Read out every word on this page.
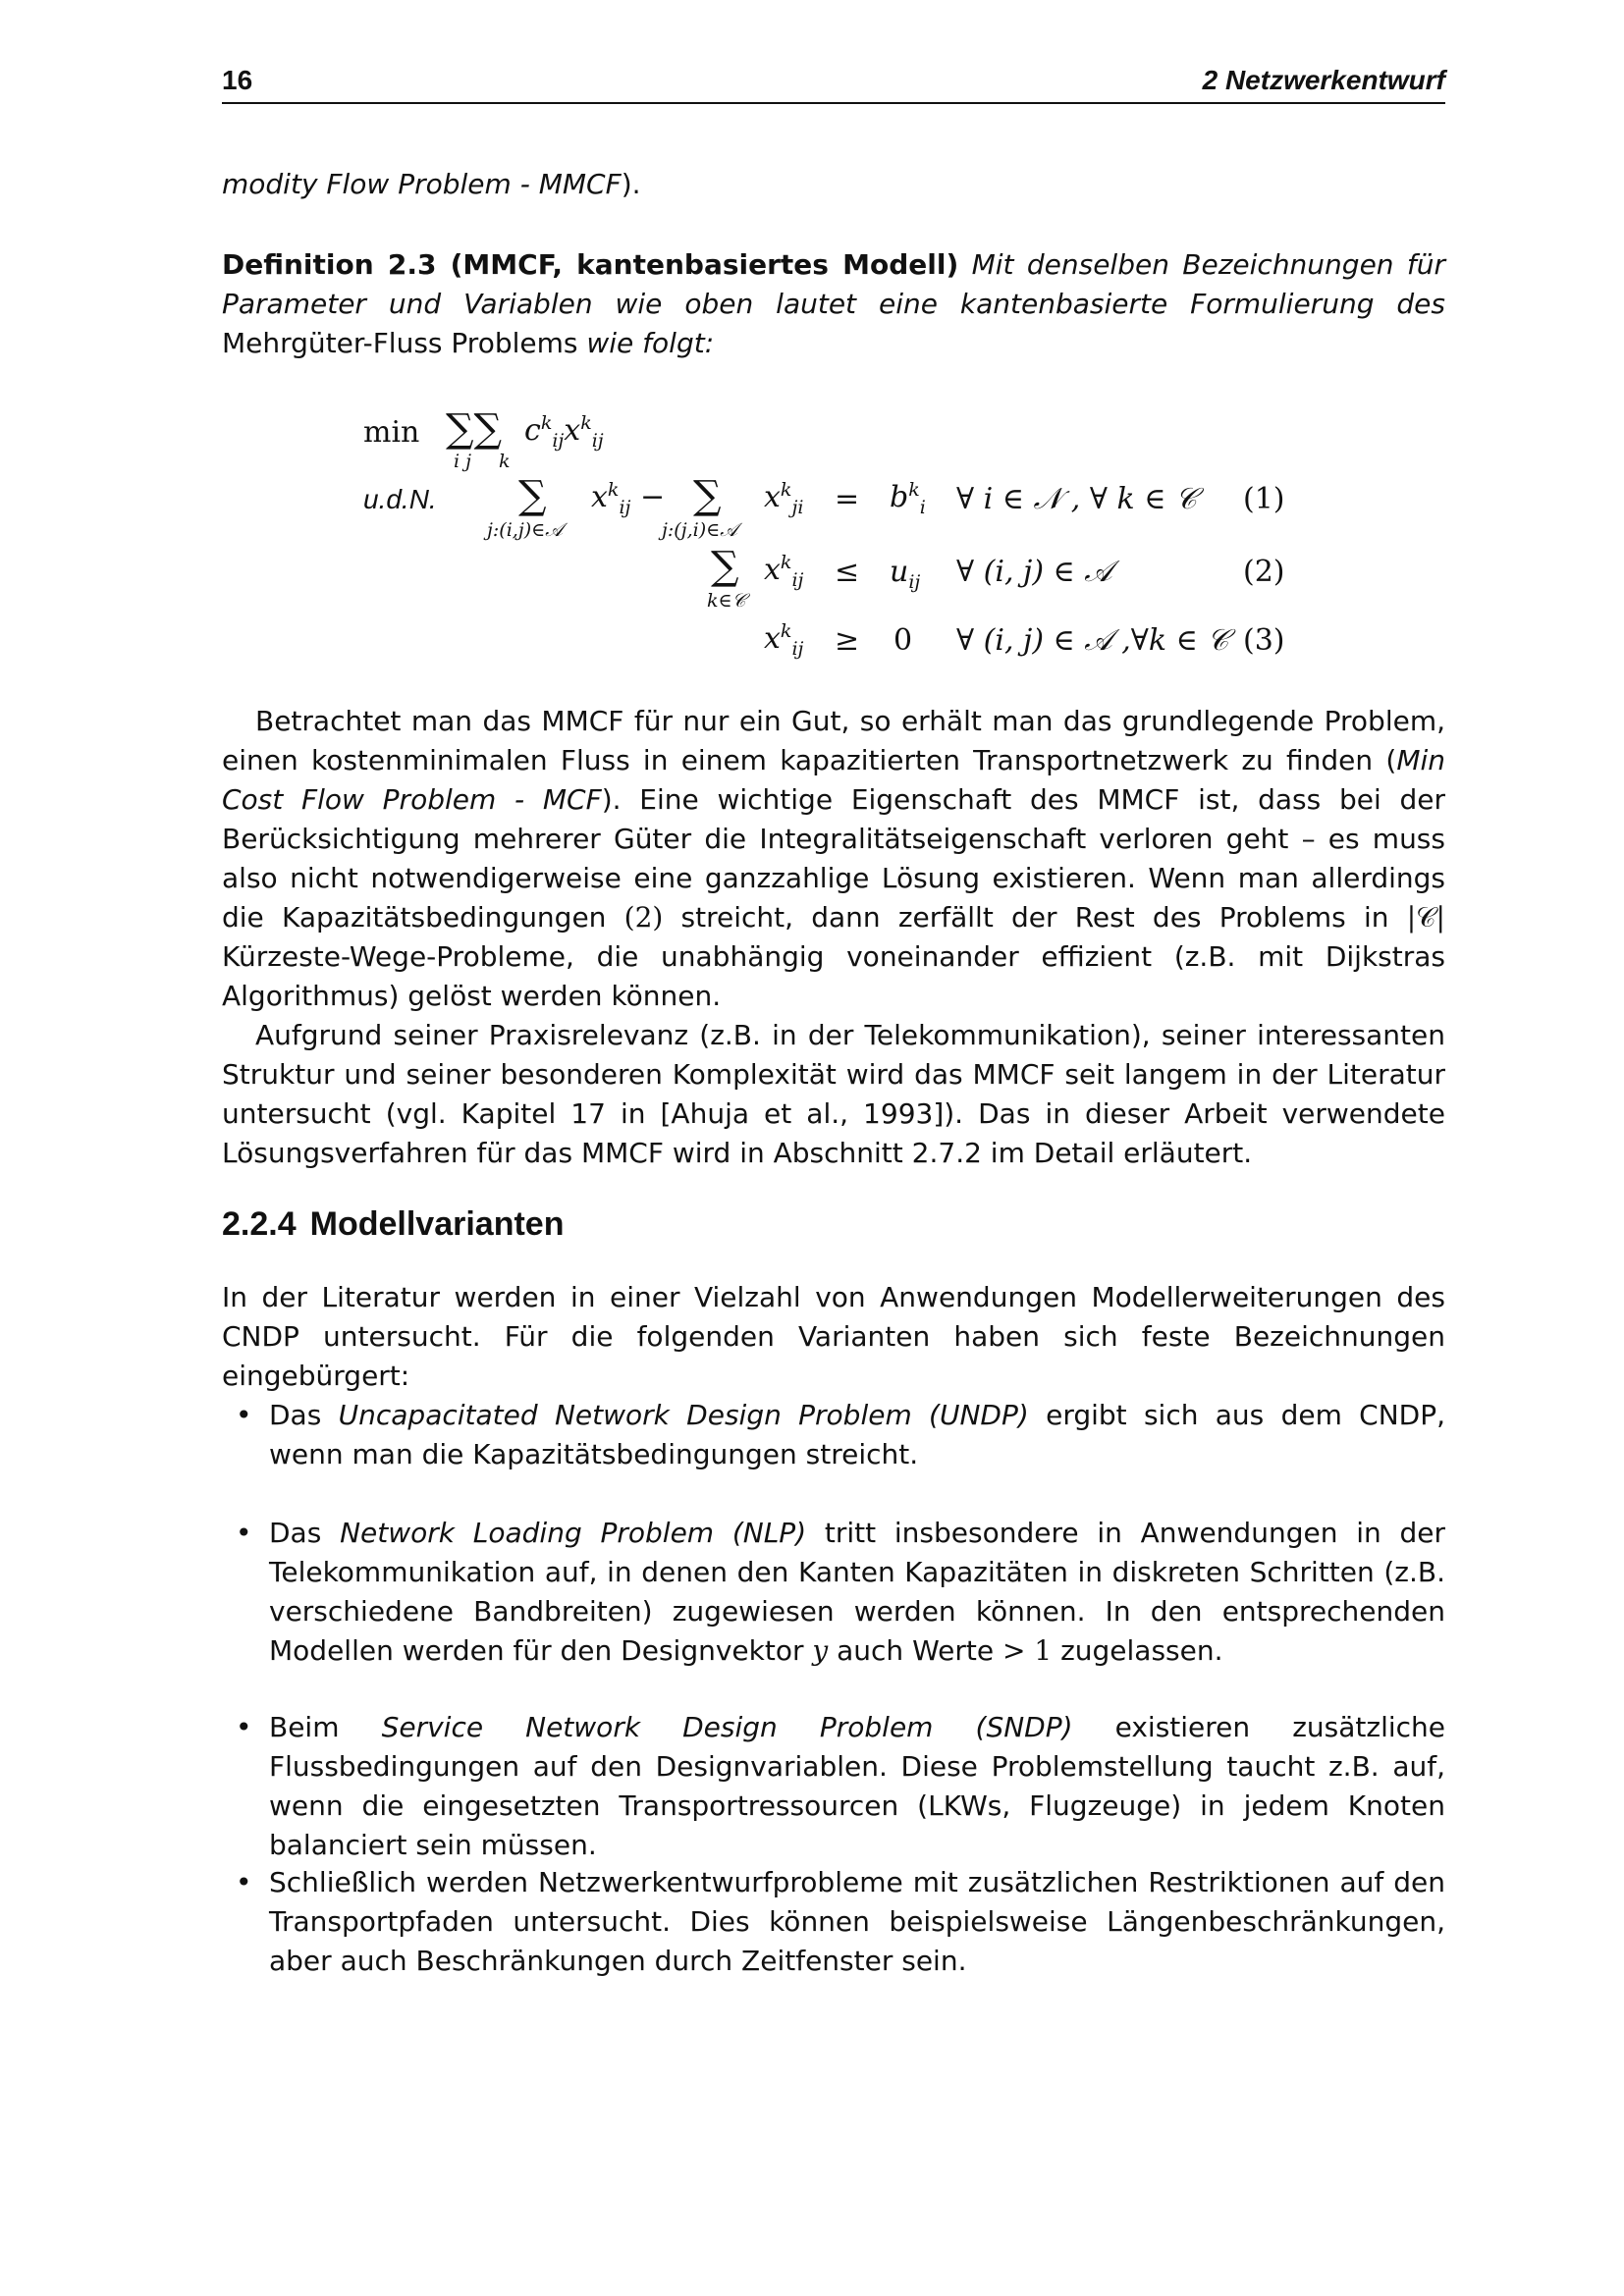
16	2 Netzwerkentwurf
modity Flow Problem - MMCF).

Definition 2.3 (MMCF, kantenbasiertes Modell) Mit denselben Bezeichnungen für Parameter und Variablen wie oben lautet eine kantenbasierte Formulierung des Mehrgüter-Fluss Problems wie folgt:

min ∑∑
i j k
$c^k_{ij}x^k_{ij}$
u.d.N. ∑
j:(i,j)∈𝒜
$x^k_{ij}$ − ∑
j:(j,i)∈𝒜
$x^k_{ji} = b^k_i$ ∀ i ∈ 𝒩 , ∀ k ∈ 𝒞 (1)
∑
k∈𝒞
$x^k_{ij} \le u_{ij}$ ∀ (i, j) ∈ 𝒜	(2)
$x^k_{ij} \ge 0$ ∀ (i, j) ∈ 𝒜 ,∀k ∈ 𝒞 (3)

Betrachtet man das MMCF für nur ein Gut, so erhält man das grundlegende Problem, einen kostenminimalen Fluss in einem kapazitierten Transportnetzwerk zu finden (Min Cost Flow Problem - MCF). Eine wichtige Eigenschaft des MMCF ist, dass bei der Berücksichtigung mehrerer Güter die Integralitätseigenschaft verloren geht – es muss also nicht notwendigerweise eine ganzzahlige Lösung existieren. Wenn man allerdings die Kapazitätsbedingungen (2) streicht, dann zerfällt der Rest des Problems in |𝒞| Kürzeste-Wege-Probleme, die unabhängig voneinander effizient (z.B. mit Dijkstras Algorithmus) gelöst werden können.

Aufgrund seiner Praxisrelevanz (z.B. in der Telekommunikation), seiner interessanten Struktur und seiner besonderen Komplexität wird das MMCF seit langem in der Literatur untersucht (vgl. Kapitel 17 in [Ahuja et al., 1993]). Das in dieser Arbeit verwendete Lösungsverfahren für das MMCF wird in Abschnitt 2.7.2 im Detail erläutert.

2.2.4 Modellvarianten
In der Literatur werden in einer Vielzahl von Anwendungen Modellerweiterungen des CNDP untersucht. Für die folgenden Varianten haben sich feste Bezeichnungen eingebürgert:
• Das Uncapacitated Network Design Problem (UNDP) ergibt sich aus dem CNDP, wenn man die Kapazitätsbedingungen streicht.
• Das Network Loading Problem (NLP) tritt insbesondere in Anwendungen in der Telekommunikation auf, in denen den Kanten Kapazitäten in diskreten Schritten (z.B. verschiedene Bandbreiten) zugewiesen werden können. In den entsprechenden Modellen werden für den Designvektor y auch Werte > 1 zugelassen.
• Beim Service Network Design Problem (SNDP) existieren zusätzliche Flussbedingungen auf den Designvariablen. Diese Problemstellung taucht z.B. auf, wenn die eingesetzten Transportressourcen (LKWs, Flugzeuge) in jedem Knoten balanciert sein müssen.
• Schließlich werden Netzwerkentwurfprobleme mit zusätzlichen Restriktionen auf den Transportpfaden untersucht. Dies können beispielsweise Längenbeschränkungen, aber auch Beschränkungen durch Zeitfenster sein.
